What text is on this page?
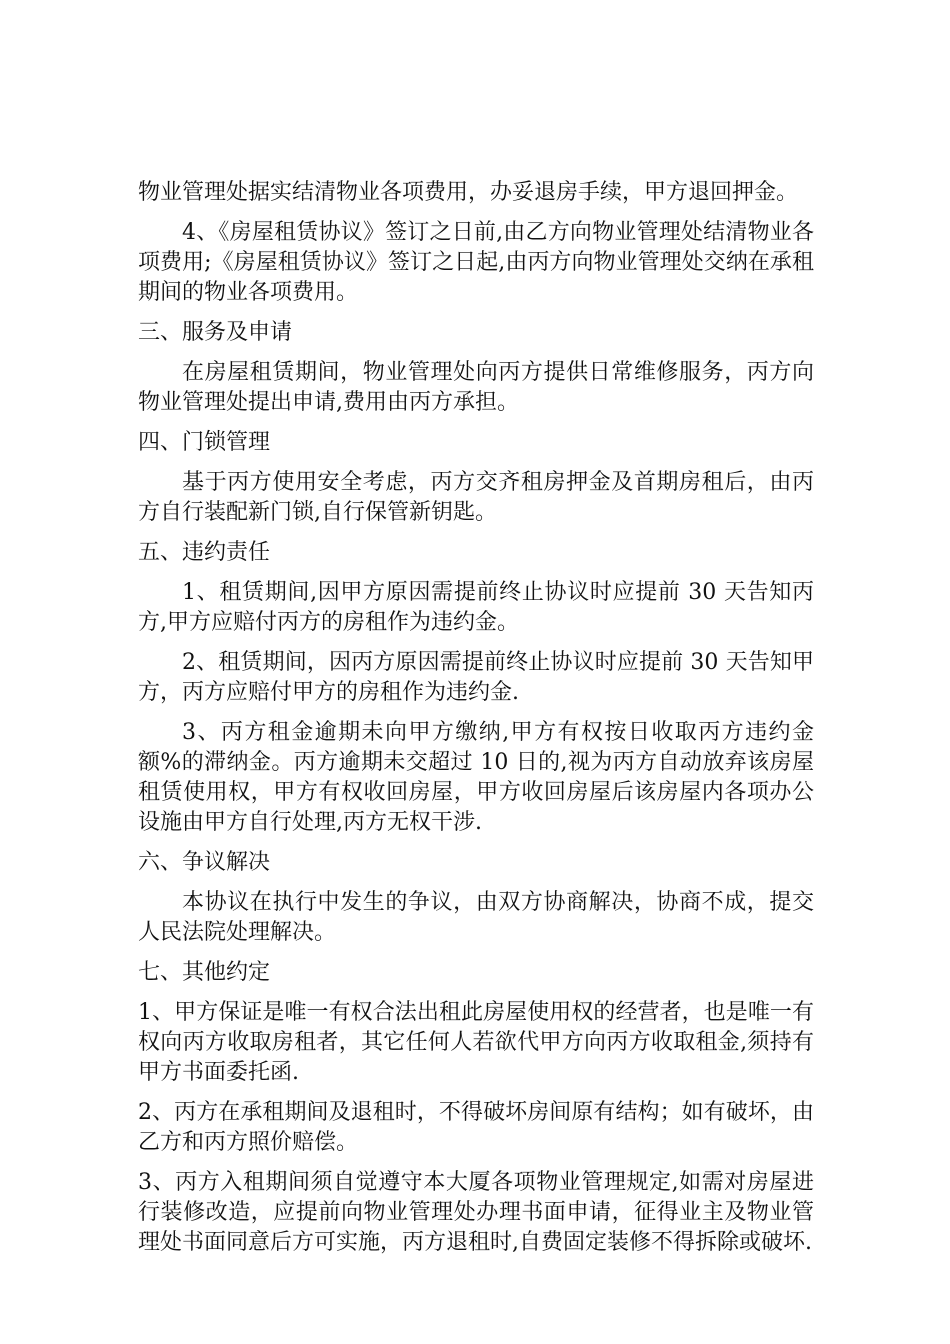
物业管理处据实结清物业各项费用，办妥退房手续，甲方退回押金。

4、《房屋租赁协议》签订之日前,由乙方向物业管理处结清物业各项费用;《房屋租赁协议》签订之日起,由丙方向物业管理处交纳在承租期间的物业各项费用。

三、服务及申请

在房屋租赁期间，物业管理处向丙方提供日常维修服务，丙方向物业管理处提出申请,费用由丙方承担。

四、门锁管理

基于丙方使用安全考虑，丙方交齐租房押金及首期房租后，由丙方自行装配新门锁,自行保管新钥匙。

五、违约责任

1、租赁期间,因甲方原因需提前终止协议时应提前 30 天告知丙方,甲方应赔付丙方的房租作为违约金。

2、租赁期间，因丙方原因需提前终止协议时应提前 30 天告知甲方，丙方应赔付甲方的房租作为违约金.

3、丙方租金逾期未向甲方缴纳,甲方有权按日收取丙方违约金额%的滞纳金。丙方逾期未交超过 10 日的,视为丙方自动放弃该房屋租赁使用权，甲方有权收回房屋，甲方收回房屋后该房屋内各项办公设施由甲方自行处理,丙方无权干涉.

六、争议解决

本协议在执行中发生的争议，由双方协商解决，协商不成，提交人民法院处理解决。

七、其他约定

1、甲方保证是唯一有权合法出租此房屋使用权的经营者，也是唯一有权向丙方收取房租者，其它任何人若欲代甲方向丙方收取租金,须持有甲方书面委托函.

2、丙方在承租期间及退租时，不得破坏房间原有结构；如有破坏，由乙方和丙方照价赔偿。

3、丙方入租期间须自觉遵守本大厦各项物业管理规定,如需对房屋进行装修改造，应提前向物业管理处办理书面申请，征得业主及物业管理处书面同意后方可实施，丙方退租时,自费固定装修不得拆除或破坏.
